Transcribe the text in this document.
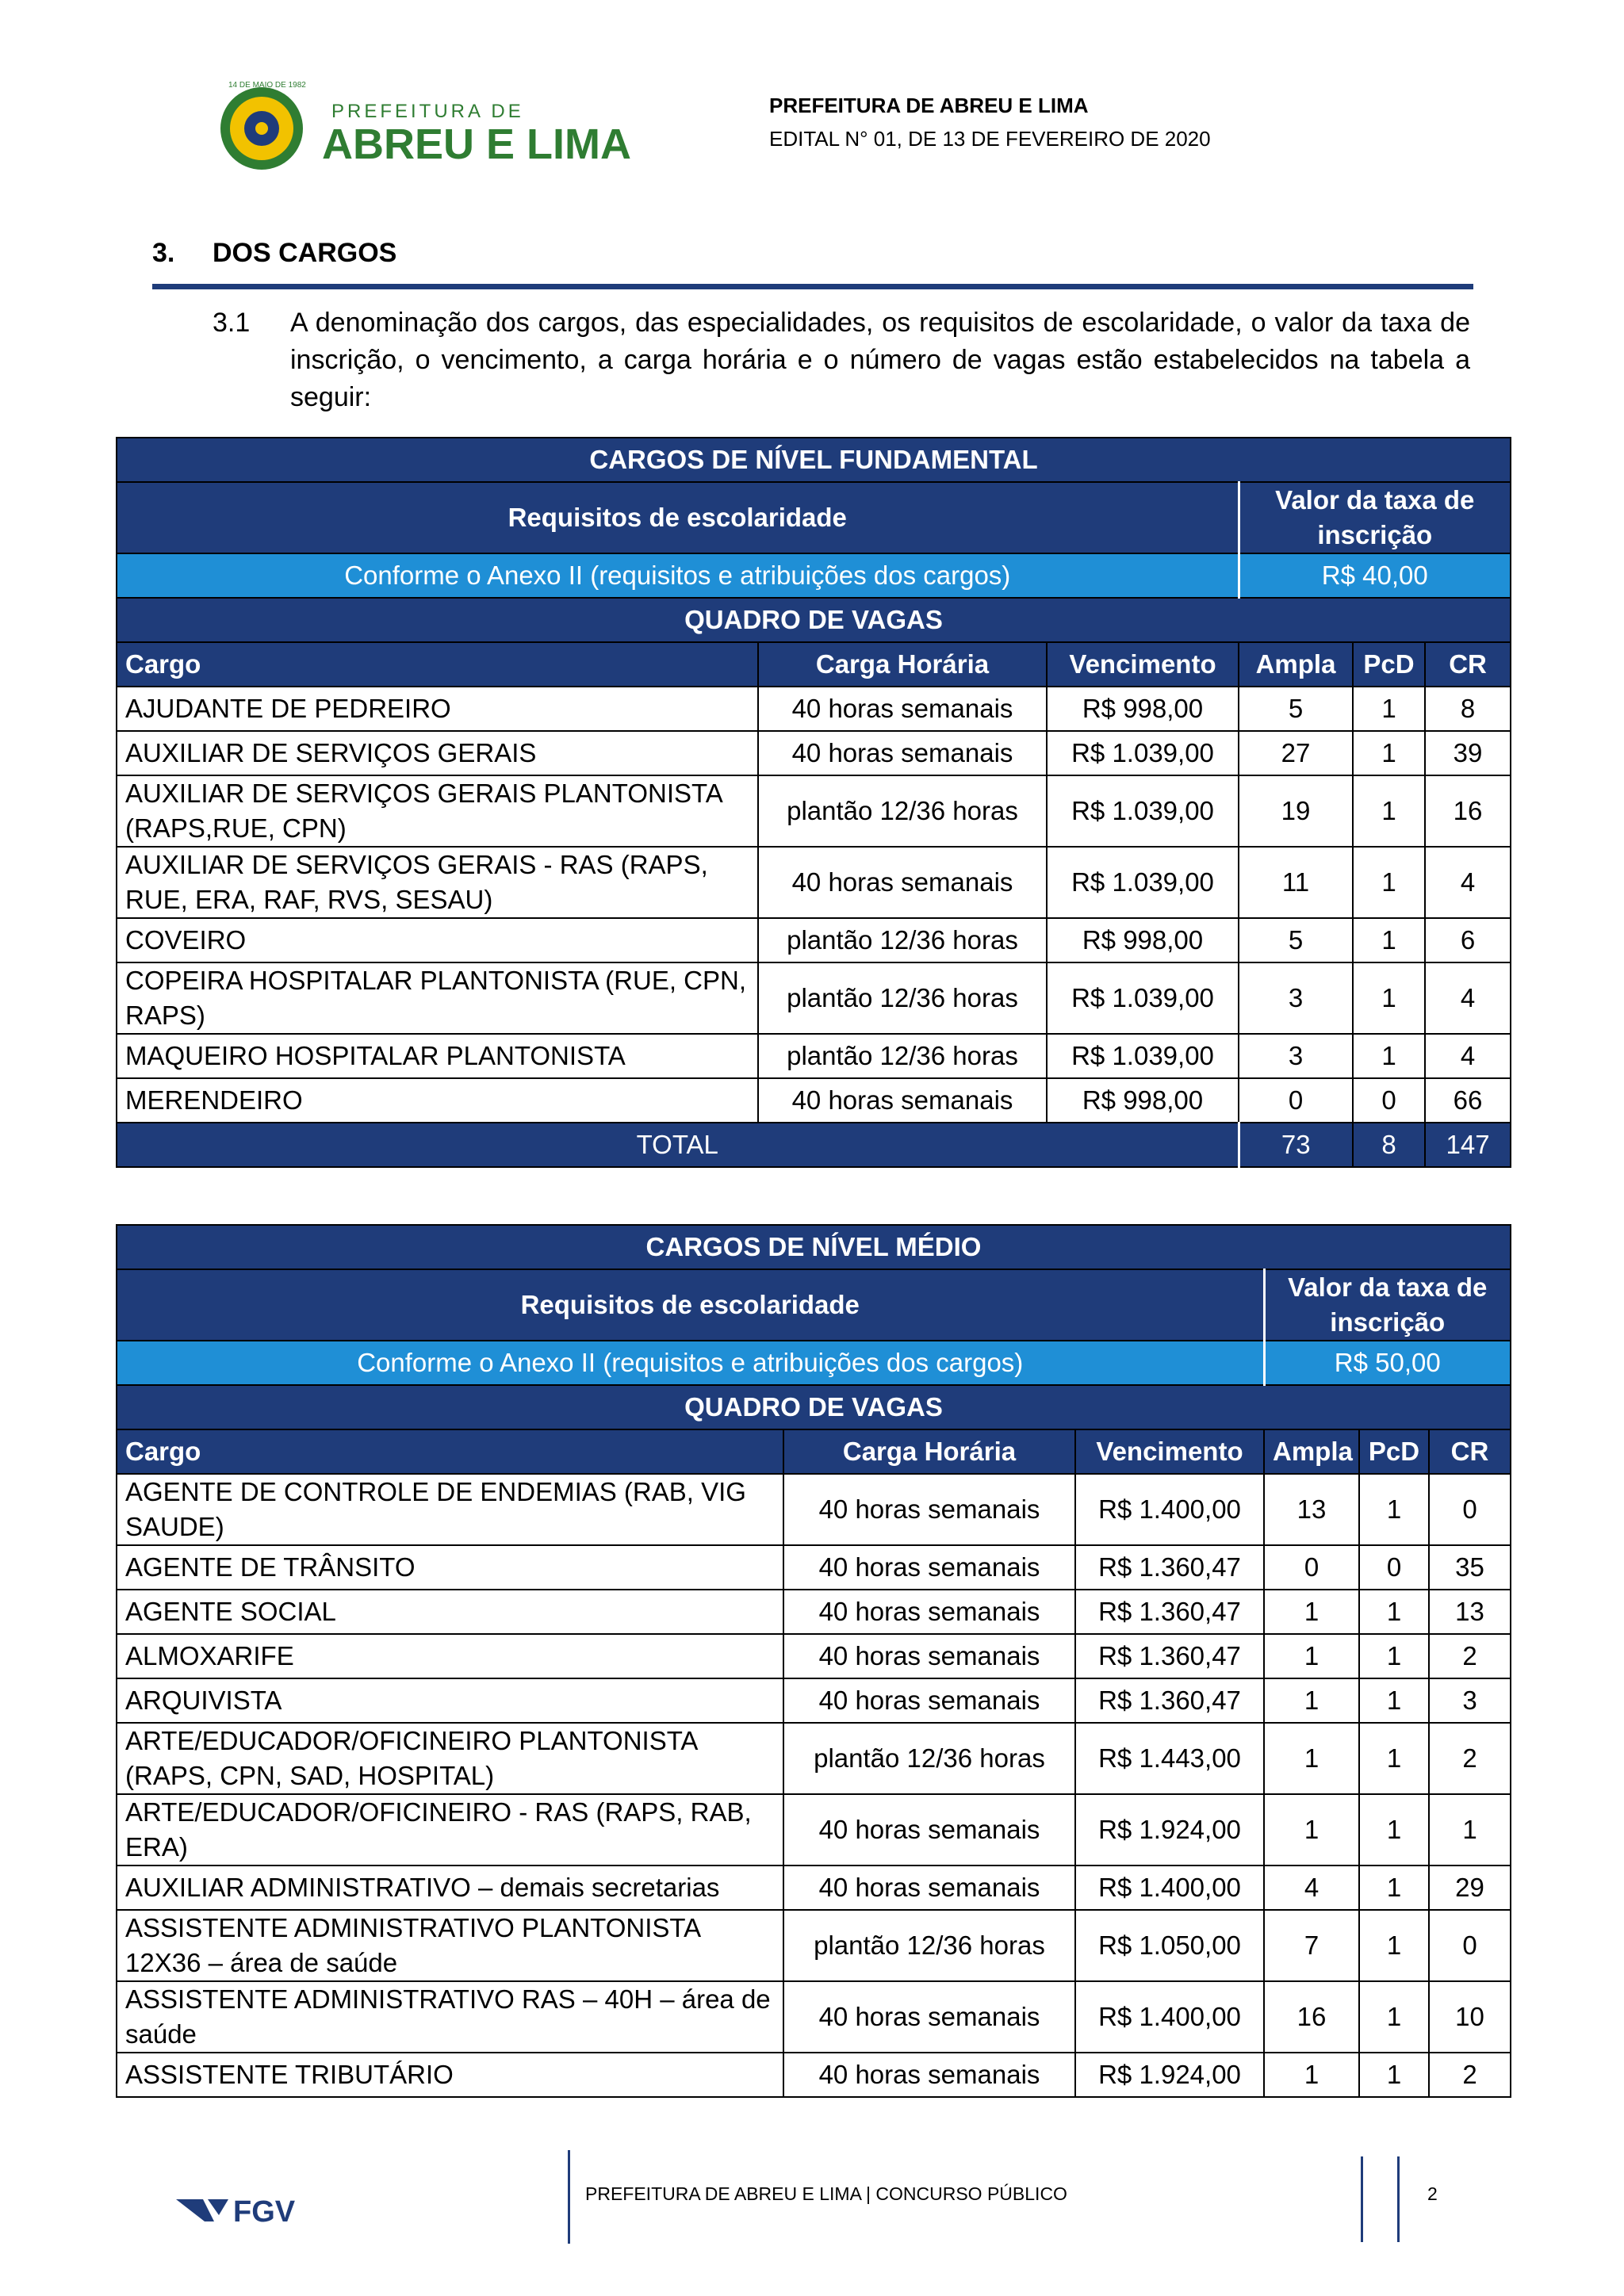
14 DE MAIO DE 1982
PREFEITURA DE
ABREU E LIMA
PREFEITURA DE ABREU E LIMA
EDITAL N° 01, DE 13 DE FEVEREIRO DE 2020
3. DOS CARGOS
3.1 A denominação dos cargos, das especialidades, os requisitos de escolaridade, o valor da taxa de inscrição, o vencimento, a carga horária e o número de vagas estão estabelecidos na tabela a seguir:
CARGOS DE NÍVEL FUNDAMENTAL					
Requisitos de escolaridade			Valor da taxa de inscrição		
Conforme o Anexo II (requisitos e atribuições dos cargos)			R$ 40,00		
QUADRO DE VAGAS					
Cargo	Carga Horária	Vencimento	Ampla	PcD	CR
AJUDANTE DE PEDREIRO	40 horas semanais	R$ 998,00	5	1	8
AUXILIAR DE SERVIÇOS GERAIS	40 horas semanais	R$ 1.039,00	27	1	39
AUXILIAR DE SERVIÇOS GERAIS PLANTONISTA (RAPS,RUE, CPN)	plantão 12/36 horas	R$ 1.039,00	19	1	16
AUXILIAR DE SERVIÇOS GERAIS - RAS (RAPS, RUE, ERA, RAF, RVS, SESAU)	40 horas semanais	R$ 1.039,00	11	1	4
COVEIRO	plantão 12/36 horas	R$ 998,00	5	1	6
COPEIRA HOSPITALAR PLANTONISTA (RUE, CPN, RAPS)	plantão 12/36 horas	R$ 1.039,00	3	1	4
MAQUEIRO HOSPITALAR PLANTONISTA	plantão 12/36 horas	R$ 1.039,00	3	1	4
MERENDEIRO	40 horas semanais	R$ 998,00	0	0	66
TOTAL			73	8	147
CARGOS DE NÍVEL MÉDIO					
Requisitos de escolaridade			Valor da taxa de inscrição		
Conforme o Anexo II (requisitos e atribuições dos cargos)			R$ 50,00		
QUADRO DE VAGAS					
Cargo	Carga Horária	Vencimento	Ampla	PcD	CR
AGENTE DE CONTROLE DE ENDEMIAS (RAB, VIG SAUDE)	40 horas semanais	R$ 1.400,00	13	1	0
AGENTE DE TRÂNSITO	40 horas semanais	R$ 1.360,47	0	0	35
AGENTE SOCIAL	40 horas semanais	R$ 1.360,47	1	1	13
ALMOXARIFE	40 horas semanais	R$ 1.360,47	1	1	2
ARQUIVISTA	40 horas semanais	R$ 1.360,47	1	1	3
ARTE/EDUCADOR/OFICINEIRO PLANTONISTA (RAPS, CPN, SAD, HOSPITAL)	plantão 12/36 horas	R$ 1.443,00	1	1	2
ARTE/EDUCADOR/OFICINEIRO - RAS (RAPS, RAB, ERA)	40 horas semanais	R$ 1.924,00	1	1	1
AUXILIAR ADMINISTRATIVO – demais secretarias	40 horas semanais	R$ 1.400,00	4	1	29
ASSISTENTE ADMINISTRATIVO PLANTONISTA 12X36 – área de saúde	plantão 12/36 horas	R$ 1.050,00	7	1	0
ASSISTENTE ADMINISTRATIVO RAS – 40H – área de saúde	40 horas semanais	R$ 1.400,00	16	1	10
ASSISTENTE TRIBUTÁRIO	40 horas semanais	R$ 1.924,00	1	1	2
FGV
PREFEITURA DE ABREU E LIMA | CONCURSO PÚBLICO	2
